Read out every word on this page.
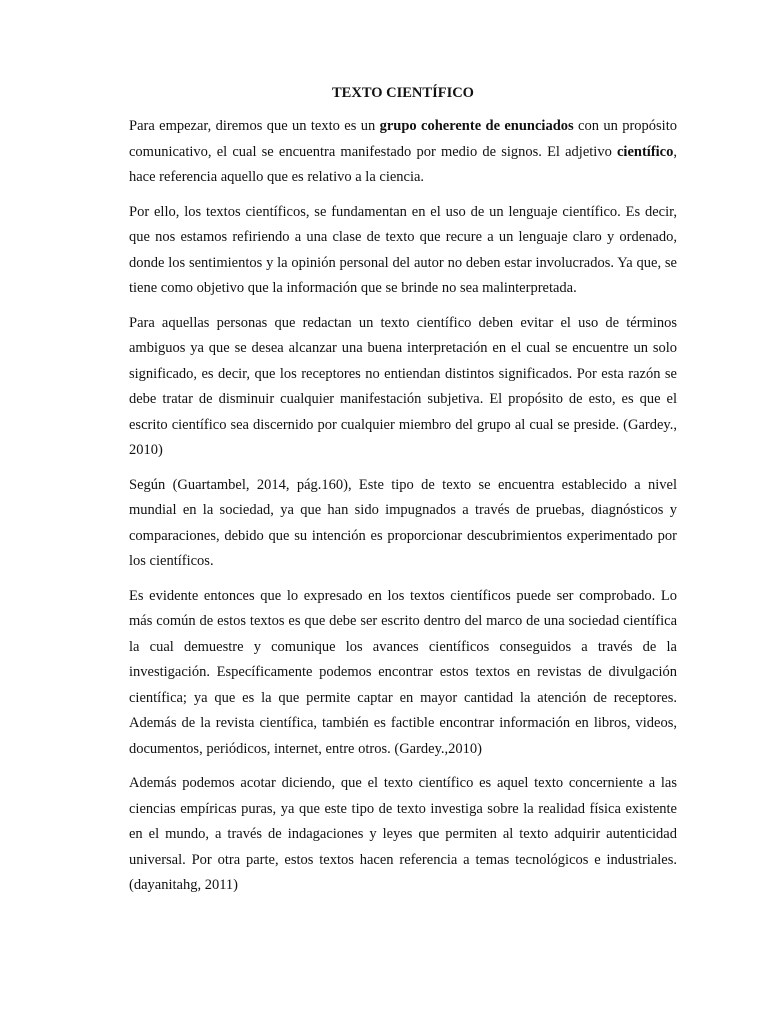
TEXTO CIENTÍFICO

Para empezar, diremos que un texto es un grupo coherente de enunciados con un propósito comunicativo, el cual se encuentra manifestado por medio de signos. El adjetivo científico, hace referencia aquello que es relativo a la ciencia.

Por ello, los textos científicos, se fundamentan en el uso de un lenguaje científico. Es decir, que nos estamos refiriendo a una clase de texto que recure a un lenguaje claro y ordenado, donde los sentimientos y la opinión personal del autor no deben estar involucrados. Ya que, se tiene como objetivo que la información que se brinde no sea malinterpretada.

Para aquellas personas que redactan un texto científico deben evitar el uso de términos ambiguos ya que se desea alcanzar una buena interpretación en el cual se encuentre un solo significado, es decir, que los receptores no entiendan distintos significados. Por esta razón se debe tratar de disminuir cualquier manifestación subjetiva. El propósito de esto, es que el escrito científico sea discernido por cualquier miembro del grupo al cual se preside. (Gardey., 2010)

Según (Guartambel, 2014, pág.160), Este tipo de texto se encuentra establecido a nivel mundial en la sociedad, ya que han sido impugnados a través de pruebas, diagnósticos y comparaciones, debido que su intención es proporcionar descubrimientos experimentado por los científicos.

Es evidente entonces que lo expresado en los textos científicos puede ser comprobado. Lo más común de estos textos es que debe ser escrito dentro del marco de una sociedad científica la cual demuestre y comunique los avances científicos conseguidos a través de la investigación. Específicamente podemos encontrar estos textos en revistas de divulgación científica; ya que es la que permite captar en mayor cantidad la atención de receptores. Además de la revista científica, también es factible encontrar información en libros, videos, documentos, periódicos, internet, entre otros. (Gardey.,2010)

Además podemos acotar diciendo, que el texto científico es aquel texto concerniente a las ciencias empíricas puras, ya que este tipo de texto investiga sobre la realidad física existente en el mundo, a través de indagaciones y leyes que permiten al texto adquirir autenticidad universal. Por otra parte, estos textos hacen referencia a temas tecnológicos e industriales. (dayanitahg, 2011)
